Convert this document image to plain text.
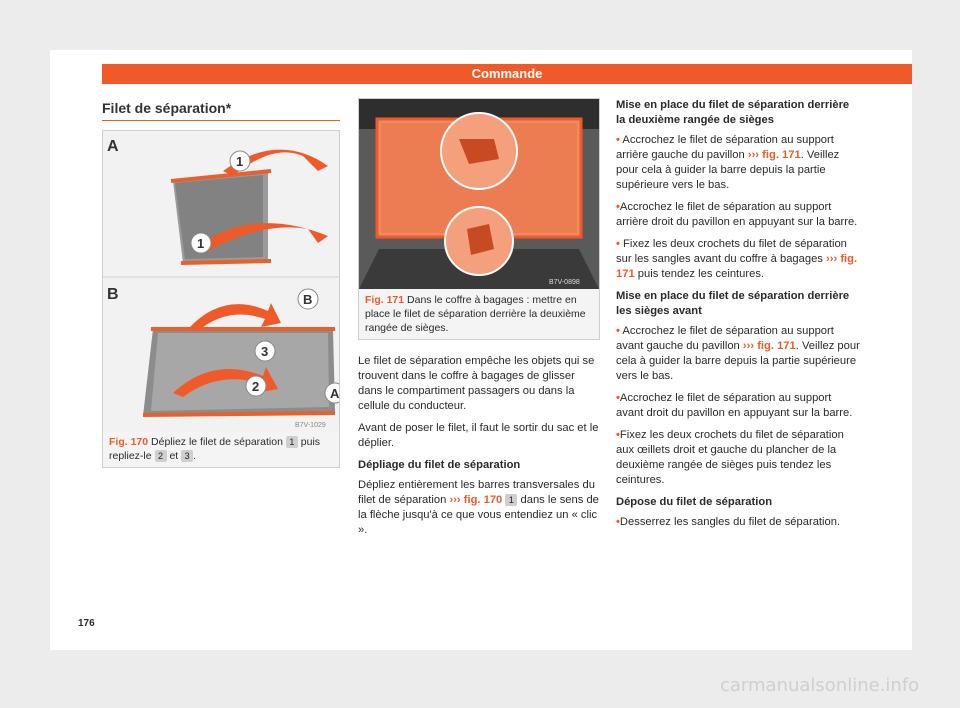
Commande
Filet de séparation*
A
1
1
B	B
3
2	A
B7V-1029
Fig. 170 Dépliez le filet de séparation 1 puis repliez-le 2 et 3 .
B7V-0898
Fig. 171 Dans le coffre à bagages : mettre en place le filet de séparation derrière la deuxième rangée de sièges.

Le filet de séparation empêche les objets qui se trouvent dans le coffre à bagages de glisser dans le compartiment passagers ou dans la cellule du conducteur.

Avant de poser le filet, il faut le sortir du sac et le déplier.

Dépliage du filet de séparation

Dépliez entièrement les barres transversales du filet de séparation ››› fig. 170 1 dans le sens de la flèche jusqu'à ce que vous entendiez un « clic ».

Mise en place du filet de séparation derrière la deuxième rangée de sièges

• Accrochez le filet de séparation au support arrière gauche du pavillon ››› fig. 171. Veillez pour cela à guider la barre depuis la partie supérieure vers le bas.

• Accrochez le filet de séparation au support arrière droit du pavillon en appuyant sur la barre.

• Fixez les deux crochets du filet de séparation sur les sangles avant du coffre à bagages ››› fig. 171 puis tendez les ceintures.

Mise en place du filet de séparation derrière les sièges avant

• Accrochez le filet de séparation au support avant gauche du pavillon ››› fig. 171. Veillez pour cela à guider la barre depuis la partie supérieure vers le bas.

• Accrochez le filet de séparation au support avant droit du pavillon en appuyant sur la barre.

• Fixez les deux crochets du filet de séparation aux œillets droit et gauche du plancher de la deuxième rangée de sièges puis tendez les ceintures.

Dépose du filet de séparation

• Desserrez les sangles du filet de séparation.

176
carmanualsonline.info
